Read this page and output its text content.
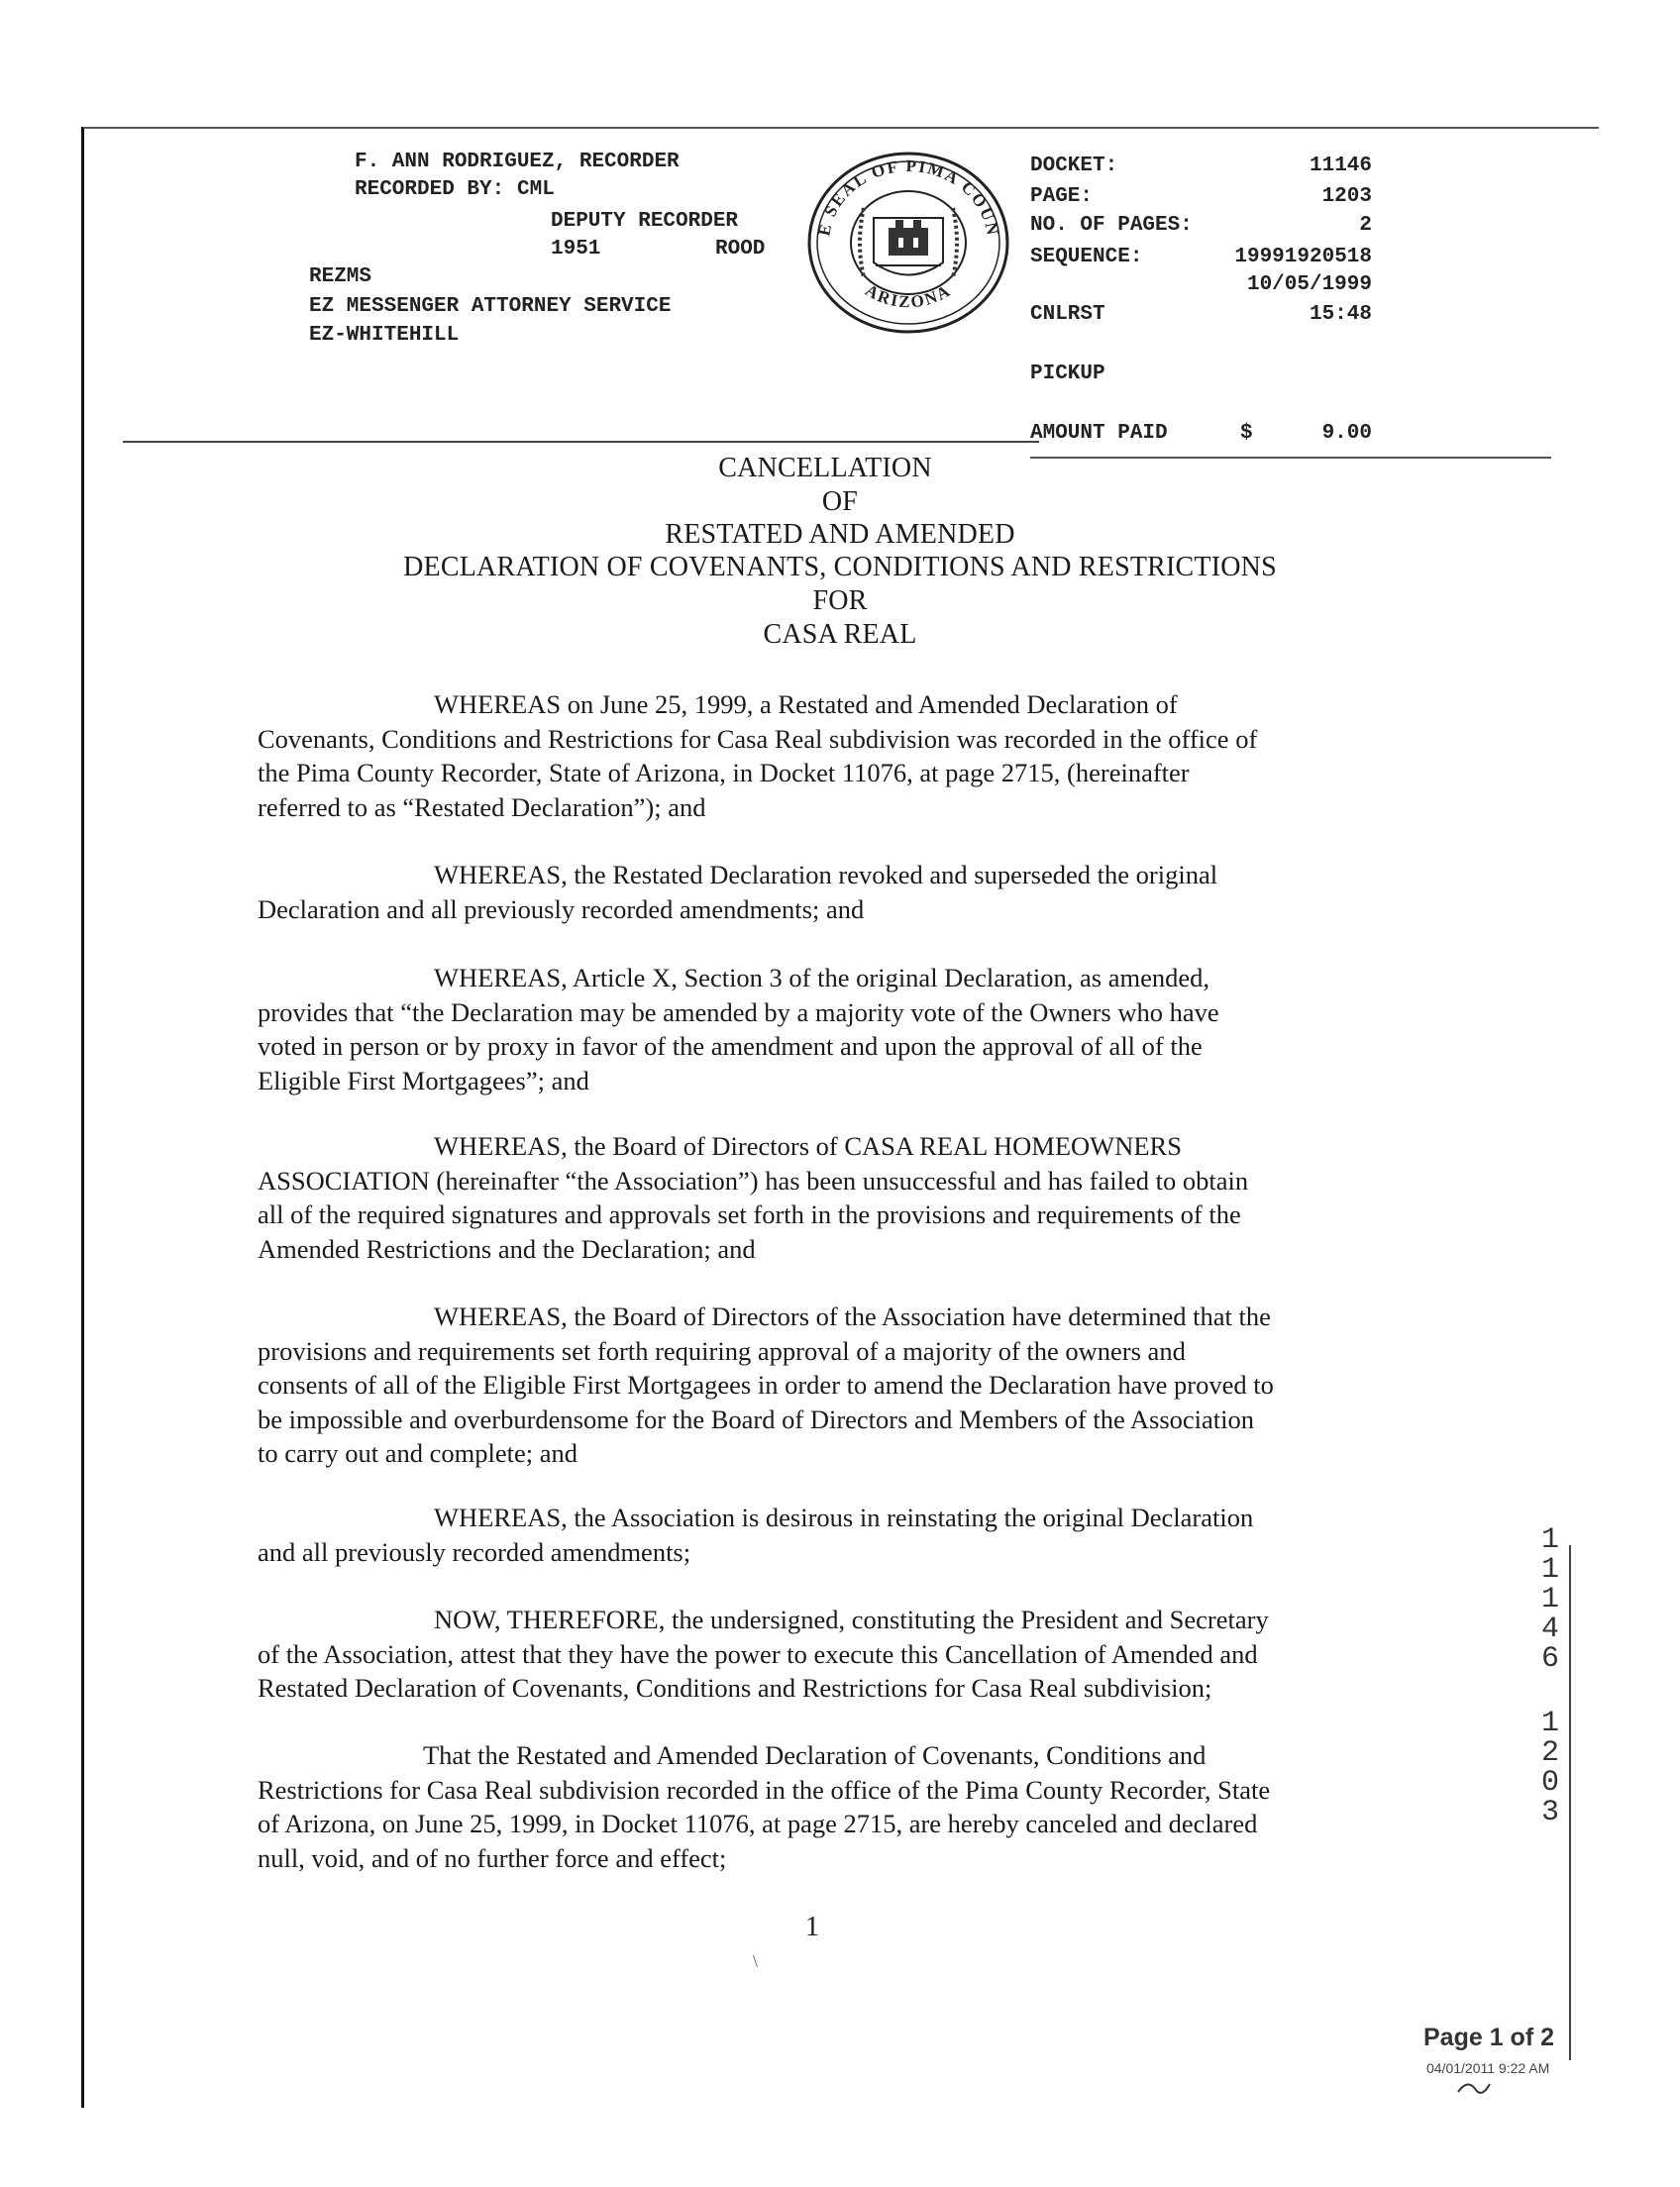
F. ANN RODRIGUEZ, RECORDER
RECORDED BY: CML
DEPUTY RECORDER
1951	ROOD
REZMS
EZ MESSENGER ATTORNEY SERVICE
EZ-WHITEHILL
E SEAL OF PIMA COUN
ARIZONA
DOCKET:	11146
PAGE:	1203
NO. OF PAGES:	2
SEQUENCE:	19991920518
10/05/1999
CNLRST	15:48
PICKUP
AMOUNT PAID	$	9.00
CANCELLATION
OF
RESTATED AND AMENDED
DECLARATION OF COVENANTS, CONDITIONS AND RESTRICTIONS
FOR
CASA REAL
WHEREAS on June 25, 1999, a Restated and Amended Declaration of
Covenants, Conditions and Restrictions for Casa Real subdivision was recorded in the office of
the Pima County Recorder, State of Arizona, in Docket 11076, at page 2715, (hereinafter
referred to as “Restated Declaration”); and
WHEREAS, the Restated Declaration revoked and superseded the original
Declaration and all previously recorded amendments; and
WHEREAS, Article X, Section 3 of the original Declaration, as amended,
provides that “the Declaration may be amended by a majority vote of the Owners who have
voted in person or by proxy in favor of the amendment and upon the approval of all of the
Eligible First Mortgagees”; and
WHEREAS, the Board of Directors of CASA REAL HOMEOWNERS
ASSOCIATION (hereinafter “the Association”) has been unsuccessful and has failed to obtain
all of the required signatures and approvals set forth in the provisions and requirements of the
Amended Restrictions and the Declaration; and
WHEREAS, the Board of Directors of the Association have determined that the
provisions and requirements set forth requiring approval of a majority of the owners and
consents of all of the Eligible First Mortgagees in order to amend the Declaration have proved to
be impossible and overburdensome for the Board of Directors and Members of the Association
to carry out and complete; and
WHEREAS, the Association is desirous in reinstating the original Declaration
and all previously recorded amendments;
NOW, THEREFORE, the undersigned, constituting the President and Secretary
of the Association, attest that they have the power to execute this Cancellation of Amended and
Restated Declaration of Covenants, Conditions and Restrictions for Casa Real subdivision;
That the Restated and Amended Declaration of Covenants, Conditions and
Restrictions for Casa Real subdivision recorded in the office of the Pima County Recorder, State
of Arizona, on June 25, 1999, in Docket 11076, at page 2715, are hereby canceled and declared
null, void, and of no further force and effect;
1
\
1
1
1
4
6
1
2
0
3
Page 1 of 2
04/01/2011 9:22 AM
